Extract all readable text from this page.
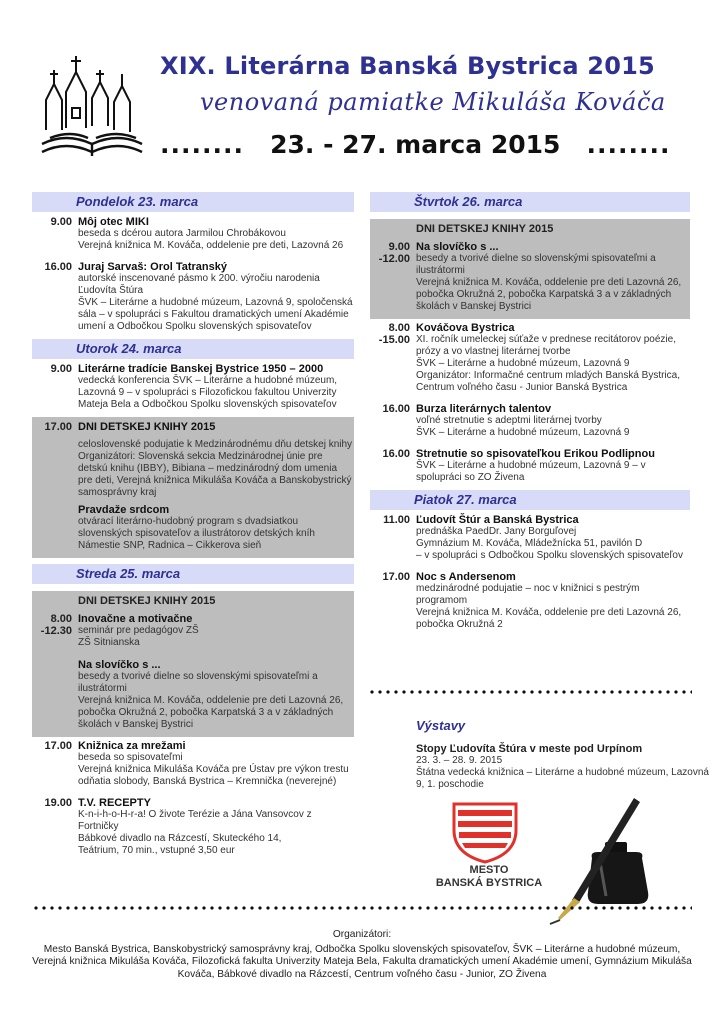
XIX. Literárna Banská Bystrica 2015
venovaná pamiatke Mikuláša Kováča
........ 23. - 27. marca 2015 ........
Pondelok 23. marca
9.00 Môj otec MIKI
beseda s dcérou autora Jarmilou Chrobákovou
Verejná knižnica M. Kováča, oddelenie pre deti, Lazovná 26
16.00 Juraj Sarvaš: Orol Tatranský
autorské inscenované pásmo k 200. výročiu narodenia Ľudovíta Štúra
ŠVK – Literárne a hudobné múzeum, Lazovná 9, spoločenská sála – v spolupráci s Fakultou dramatických umení Akadémie umení a Odbočkou Spolku slovenských spisovateľov
Utorok 24. marca
9.00 Literárne tradície Banskej Bystrice 1950 – 2000
vedecká konferencia ŠVK – Literárne a hudobné múzeum, Lazovná 9 – v spolupráci s Filozofickou fakultou Univerzity Mateja Bela a Odbočkou Spolku slovenských spisovateľov
17.00 DNI DETSKEJ KNIHY 2015
celoslovenské podujatie k Medzinárodnému dňu detskej knihy Organizátori: Slovenská sekcia Medzinárodnej únie pre detskú knihu (IBBY), Bibiana – medzinárodný dom umenia pre deti, Verejná knižnica Mikuláša Kováča a Banskobystrický samosprávny kraj
Pravdaže srdcom
otvárací literárno-hudobný program s dvadsiatkou slovenských spisovateľov a ilustrátorov detských kníh Námestie SNP, Radnica – Cikkerova sieň
Streda 25. marca
DNI DETSKEJ KNIHY 2015
8.00
-12.30
Inovačne a motivačne
seminár pre pedagógov ZŠ
ZŠ Sitnianska
Na slovíčko s ...
besedy a tvorivé dielne so slovenskými spisovateľmi a ilustrátormi
Verejná knižnica M. Kováča, oddelenie pre deti Lazovná 26, pobočka Okružná 2, pobočka Karpatská 3 a v základných školách v Banskej Bystrici
17.00 Knižnica za mrežami
beseda so spisovateľmi
Verejná knižnica Mikuláša Kováča pre Ústav pre výkon trestu odňatia slobody, Banská Bystrica – Kremnička (neverejné)
19.00 T.V. RECEPTY
K-n-i-h-o-H-r-a! O živote Terézie a Jána Vansovcov z Fortničky
Bábkové divadlo na Rázcestí, Skuteckého 14,
Teátrium, 70 min., vstupné 3,50 eur
Štvrtok 26. marca
DNI DETSKEJ KNIHY 2015
9.00
-12.00
Na slovíčko s ...
besedy a tvorivé dielne so slovenskými spisovateľmi a ilustrátormi
Verejná knižnica M. Kováča, oddelenie pre deti Lazovná 26, pobočka Okružná 2, pobočka Karpatská 3 a v základných školách v Banskej Bystrici
8.00
-15.00
Kováčova Bystrica
XI. ročník umeleckej súťaže v prednese recitátorov poézie, prózy a vo vlastnej literárnej tvorbe
ŠVK – Literárne a hudobné múzeum, Lazovná 9
Organizátor: Informačné centrum mladých Banská Bystrica, Centrum voľného času - Junior Banská Bystrica
16.00 Burza literárnych talentov
voľné stretnutie s adeptmi literárnej tvorby
ŠVK – Literárne a hudobné múzeum, Lazovná 9
16.00 Stretnutie so spisovateľkou Erikou Podlipnou
ŠVK – Literárne a hudobné múzeum, Lazovná 9 – v spolupráci so ZO Živena
Piatok 27. marca
11.00 Ľudovít Štúr a Banská Bystrica
prednáška PaedDr. Jany Borguľovej
Gymnázium M. Kováča, Mládežnícka 51, pavilón D
– v spolupráci s Odbočkou Spolku slovenských spisovateľov
17.00 Noc s Andersenom
medzinárodné podujatie – noc v knižnici s pestrým programom
Verejná knižnica M. Kováča, oddelenie pre deti Lazovná 26, pobočka Okružná 2
Výstavy
Stopy Ľudovíta Štúra v meste pod Urpínom
23. 3. – 28. 9. 2015
Štátna vedecká knižnica – Literárne a hudobné múzeum, Lazovná 9, 1. poschodie
MESTO
BANSKÁ BYSTRICA
Organizátori:
Mesto Banská Bystrica, Banskobystrický samosprávny kraj, Odbočka Spolku slovenských spisovateľov, ŠVK – Literárne a hudobné múzeum, Verejná knižnica Mikuláša Kováča, Filozofická fakulta Univerzity Mateja Bela, Fakulta dramatických umení Akadémie umení, Gymnázium Mikuláša Kováča, Bábkové divadlo na Rázcestí, Centrum voľného času - Junior, ZO Živena
